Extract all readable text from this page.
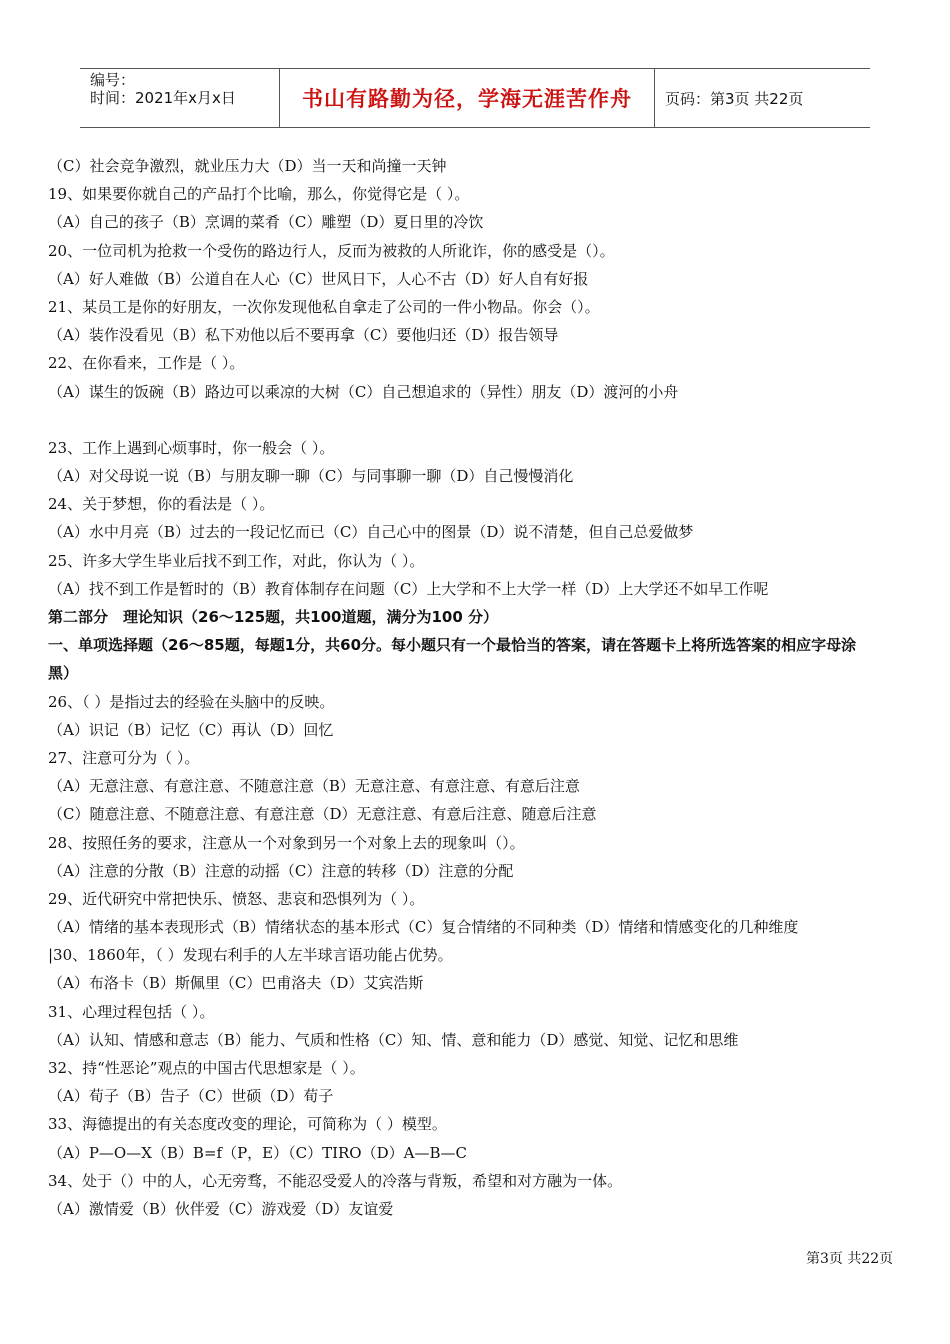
编号：
时间：2021年x月x日	书山有路勤为径，学海无涯苦作舟	页码：第3页 共22页
（C）社会竞争激烈，就业压力大（D）当一天和尚撞一天钟
19、如果要你就自己的产品打个比喻，那么，你觉得它是（ ）。
（A）自己的孩子（B）烹调的菜肴（C）雕塑（D）夏日里的冷饮
20、一位司机为抢救一个受伤的路边行人，反而为被救的人所讹诈，你的感受是（）。
（A）好人难做（B）公道自在人心（C）世风日下，人心不古（D）好人自有好报
21、某员工是你的好朋友，一次你发现他私自拿走了公司的一件小物品。你会（）。
（A）装作没看见（B）私下劝他以后不要再拿（C）要他归还（D）报告领导
22、在你看来，工作是（ ）。
（A）谋生的饭碗（B）路边可以乘凉的大树（C）自己想追求的（异性）朋友（D）渡河的小舟
23、工作上遇到心烦事时，你一般会（ ）。
（A）对父母说一说（B）与朋友聊一聊（C）与同事聊一聊（D）自己慢慢消化
24、关于梦想，你的看法是（ ）。
（A）水中月亮（B）过去的一段记忆而已（C）自己心中的图景（D）说不清楚，但自己总爱做梦
25、许多大学生毕业后找不到工作，对此，你认为（ ）。
（A）找不到工作是暂时的（B）教育体制存在问题（C）上大学和不上大学一样（D）上大学还不如早工作呢
第二部分　理论知识（26～125题，共100道题，满分为100 分）
一、单项选择题（26～85题，每题1分，共60分。每小题只有一个最恰当的答案，请在答题卡上将所选答案的相应字母涂
黑）
26、（ ）是指过去的经验在头脑中的反映。
（A）识记（B）记忆（C）再认（D）回忆
27、注意可分为（ ）。
（A）无意注意、有意注意、不随意注意（B）无意注意、有意注意、有意后注意
（C）随意注意、不随意注意、有意注意（D）无意注意、有意后注意、随意后注意
28、按照任务的要求，注意从一个对象到另一个对象上去的现象叫（）。
（A）注意的分散（B）注意的动摇（C）注意的转移（D）注意的分配
29、近代研究中常把快乐、愤怒、悲哀和恐惧列为（ ）。
（A）情绪的基本表现形式（B）情绪状态的基本形式（C）复合情绪的不同种类（D）情绪和情感变化的几种维度
|30、1860年，（ ）发现右利手的人左半球言语功能占优势。
（A）布洛卡（B）斯佩里（C）巴甫洛夫（D）艾宾浩斯
31、心理过程包括（ ）。
（A）认知、情感和意志（B）能力、气质和性格（C）知、情、意和能力（D）感觉、知觉、记忆和思维
32、持“性恶论”观点的中国古代思想家是（ ）。
（A）荀子（B）告子（C）世硕（D）荀子
33、海德提出的有关态度改变的理论，可简称为（ ）模型。
（A）P—O—X（B）B=f（P，E）（C）TIRO（D）A—B—C
34、处于（）中的人，心无旁骛，不能忍受爱人的冷落与背叛，希望和对方融为一体。
（A）激情爱（B）伙伴爱（C）游戏爱（D）友谊爱
第3页 共22页
